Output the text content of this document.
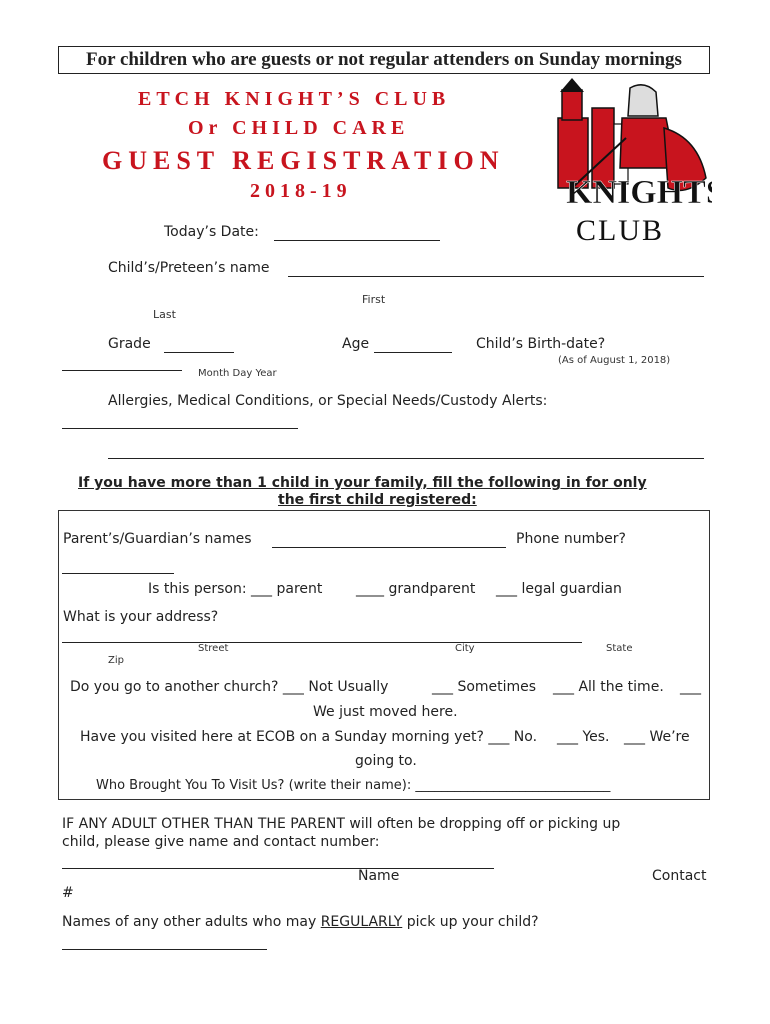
For children who are guests or not regular attenders on Sunday mornings
ETCH KNIGHT’S CLUB
Or CHILD CARE
GUEST REGISTRATION
2018-19	KNIGHTS
CLUB
Today’s Date:
Child’s/Preteen’s name
First
Last
Grade	Age	Child’s Birth-date?
(As of August 1, 2018)
Month Day Year
Allergies, Medical Conditions, or Special Needs/Custody Alerts:
If you have more than 1 child in your family, fill the following in for only
the first child registered:
Parent’s/Guardian’s names	Phone number?
Is this person: ___ parent ____ grandparent ___ legal guardian
What is your address?
Street	City	State
Zip
Do you go to another church? ___ Not Usually	___ Sometimes ___ All the time. ___
We just moved here.
Have you visited here at ECOB on a Sunday morning yet? ___ No. ___ Yes. ___ We’re
going to.
Who Brought You To Visit Us? (write their name): ______________________________
IF ANY ADULT OTHER THAN THE PARENT will often be dropping off or picking up
child, please give name and contact number:
Name	Contact
#
Names of any other adults who may REGULARLY pick up your child?
